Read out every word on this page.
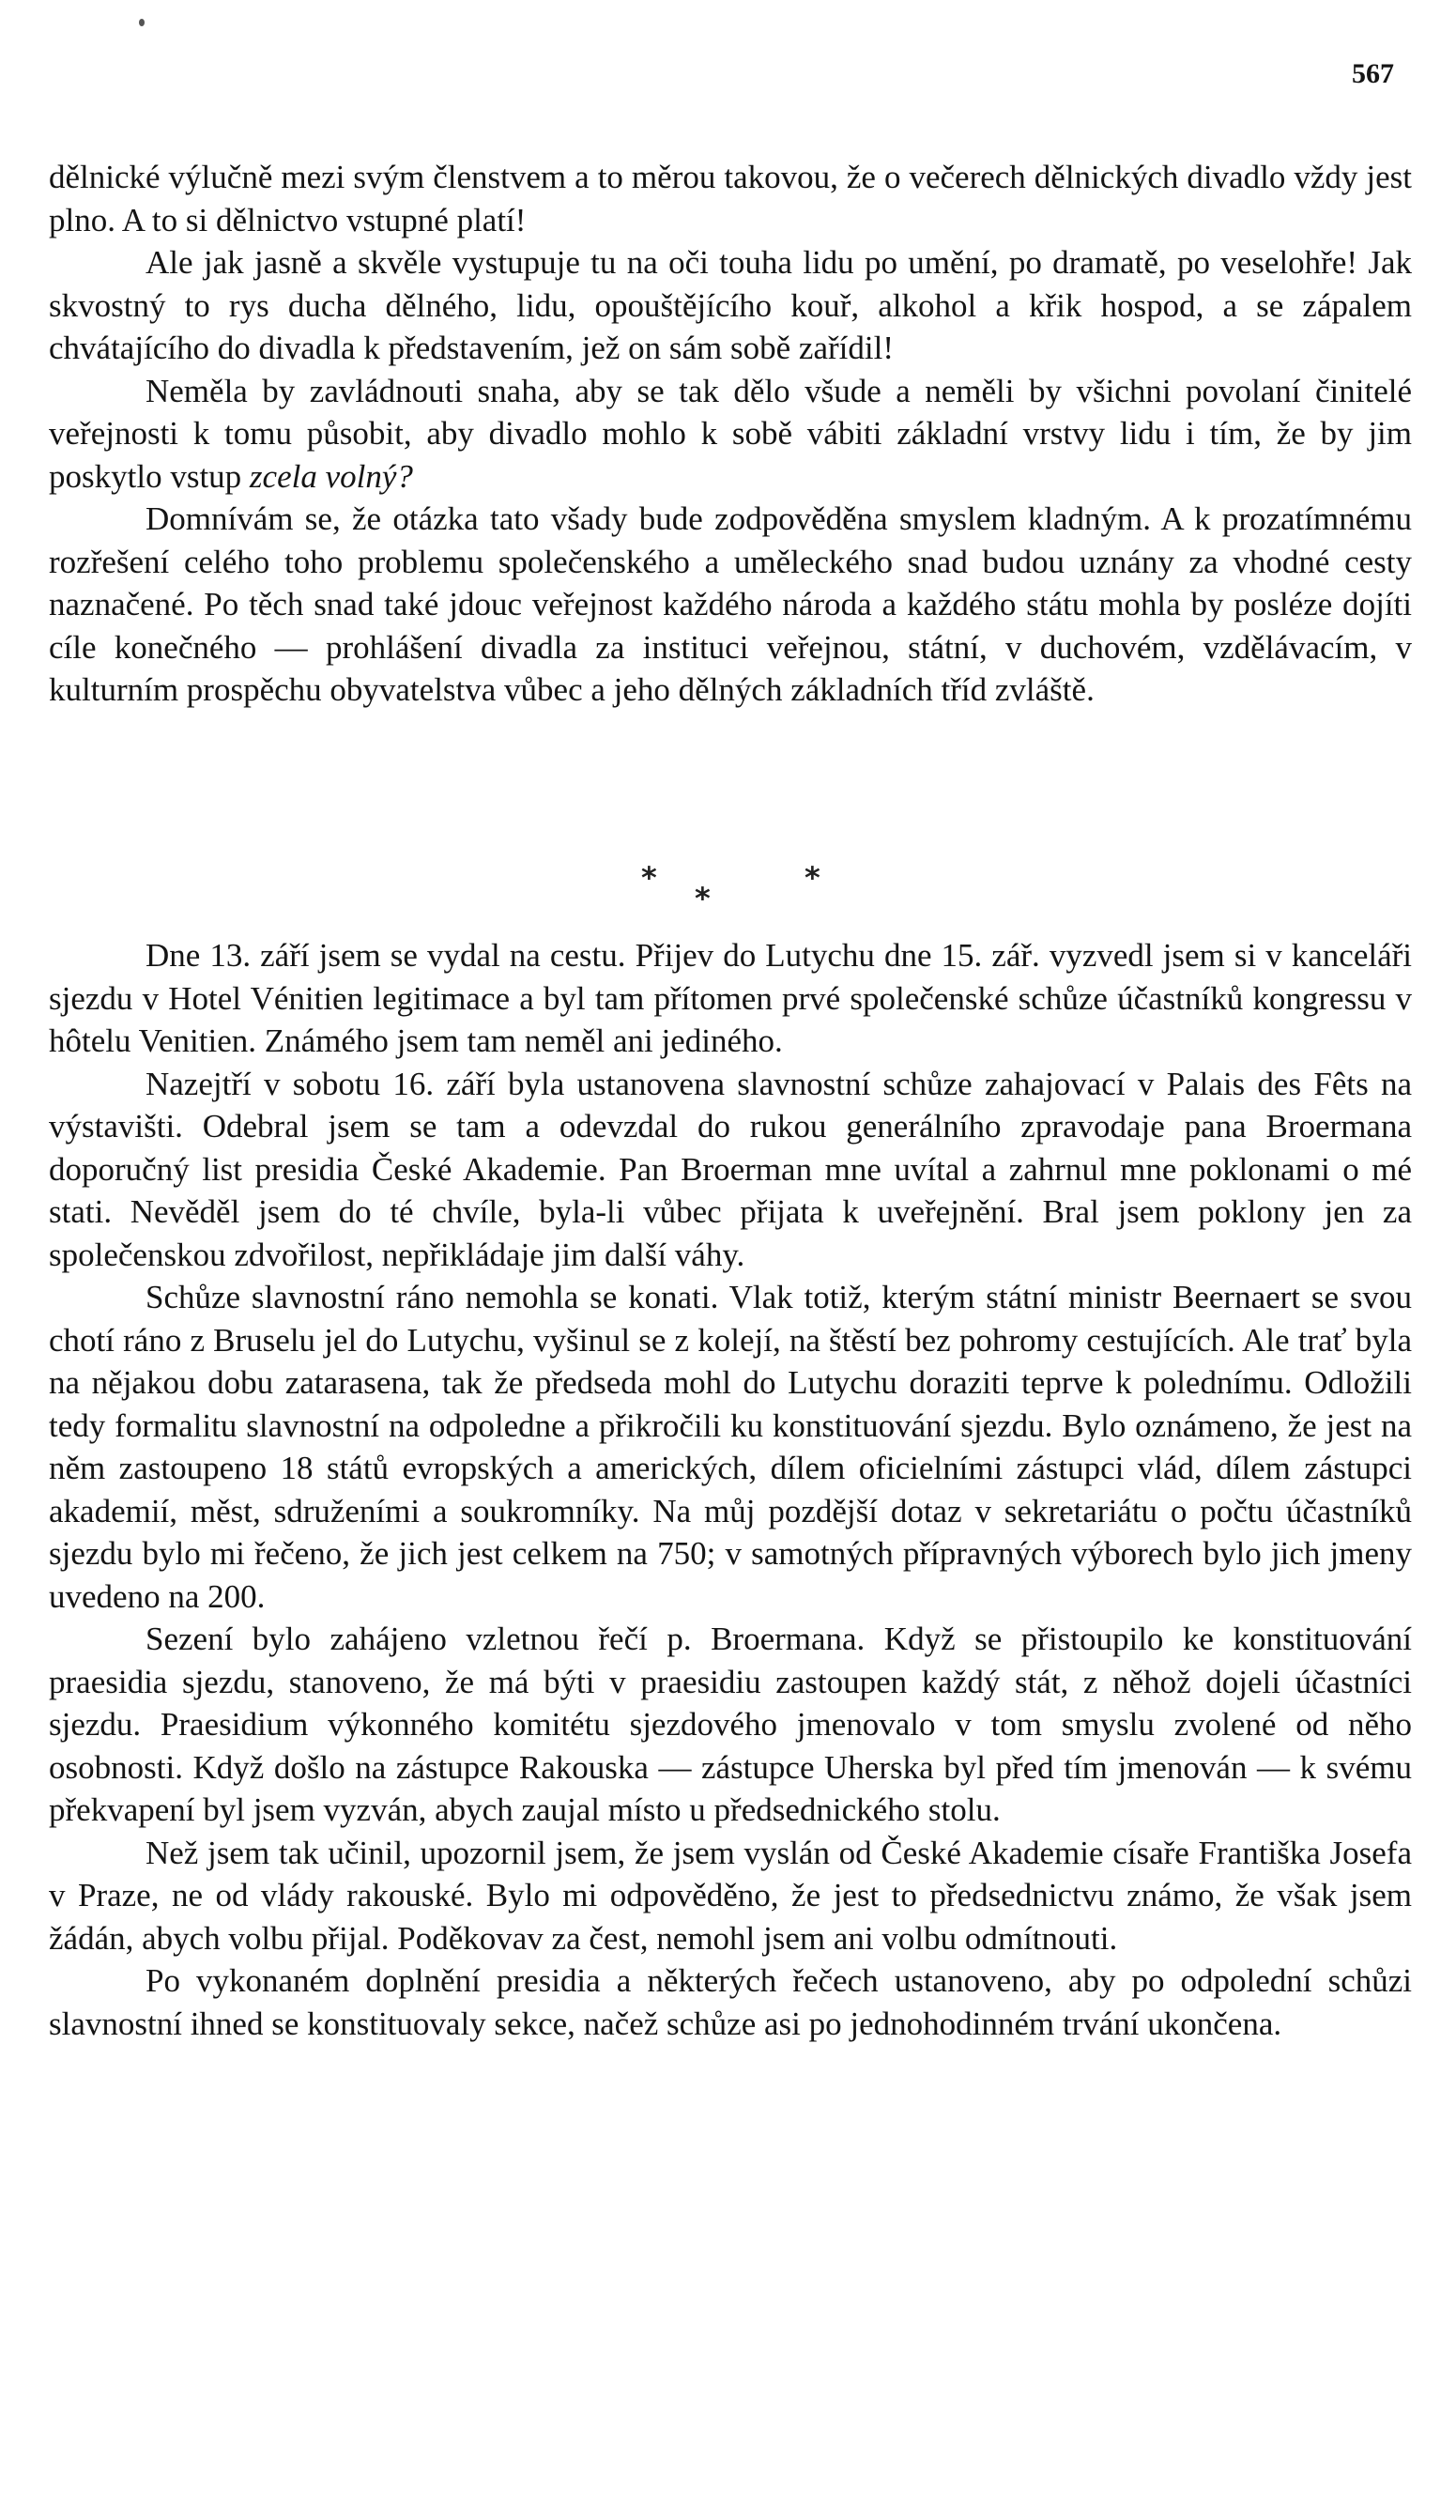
567

dělnické výlučně mezi svým členstvem a to měrou takovou, že o večerech dělnických divadlo vždy jest plno. A to si dělnictvo vstupné platí!

Ale jak jasně a skvěle vystupuje tu na oči touha lidu po umění, po dramatě, po veselohře! Jak skvostný to rys ducha dělného, lidu, opouštějícího kouř, alkohol a křik hospod, a se zápalem chvátajícího do divadla k představením, jež on sám sobě zařídil!

Neměla by zavládnouti snaha, aby se tak dělo všude a neměli by všichni povolaní činitelé veřejnosti k tomu působit, aby divadlo mohlo k sobě vábiti základní vrstvy lidu i tím, že by jim poskytlo vstup zcela volný?

Domnívám se, že otázka tato všady bude zodpověděna smyslem kladným. A k prozatímnému rozřešení celého toho problemu společenského a uměleckého snad budou uznány za vhodné cesty naznačené. Po těch snad také jdouc veřejnost každého národa a každého státu mohla by posléze dojíti cíle konečného — prohlášení divadla za instituci veřejnou, státní, v duchovém, vzdělávacím, v kulturním prospěchu obyvatelstva vůbec a jeho dělných základních tříd zvláště.

*
*
*

Dne 13. září jsem se vydal na cestu. Přijev do Lutychu dne 15. zář. vyzvedl jsem si v kanceláři sjezdu v Hotel Vénitien legitimace a byl tam přítomen prvé společenské schůze účastníků kongressu v hôtelu Venitien. Známého jsem tam neměl ani jediného.

Nazejtří v sobotu 16. září byla ustanovena slavnostní schůze zahajovací v Palais des Fêts na výstavišti. Odebral jsem se tam a odevzdal do rukou generálního zpravodaje pana Broermana doporučný list presidia České Akademie. Pan Broerman mne uvítal a zahrnul mne poklonami o mé stati. Nevěděl jsem do té chvíle, byla-li vůbec přijata k uveřejnění. Bral jsem poklony jen za společenskou zdvořilost, nepřikládaje jim další váhy.

Schůze slavnostní ráno nemohla se konati. Vlak totiž, kterým státní ministr Beernaert se svou chotí ráno z Bruselu jel do Lutychu, vyšinul se z kolejí, na štěstí bez pohromy cestujících. Ale trať byla na nějakou dobu zatarasena, tak že předseda mohl do Lutychu doraziti teprve k polednímu. Odložili tedy formalitu slavnostní na odpoledne a přikročili ku konstituování sjezdu. Bylo oznámeno, že jest na něm zastoupeno 18 států evropských a amerických, dílem oficielními zástupci vlád, dílem zástupci akademií, měst, sdruženími a soukromníky. Na můj pozdější dotaz v sekretariátu o počtu účastníků sjezdu bylo mi řečeno, že jich jest celkem na 750; v samotných přípravných výborech bylo jich jmeny uvedeno na 200.

Sezení bylo zahájeno vzletnou řečí p. Broermana. Když se přistoupilo ke konstituování praesidia sjezdu, stanoveno, že má býti v praesidiu zastoupen každý stát, z něhož dojeli účastníci sjezdu. Praesidium výkonného komitétu sjezdového jmenovalo v tom smyslu zvolené od něho osobnosti. Když došlo na zástupce Rakouska — zástupce Uherska byl před tím jmenován — k svému překvapení byl jsem vyzván, abych zaujal místo u předsednického stolu.

Než jsem tak učinil, upozornil jsem, že jsem vyslán od České Akademie císaře Františka Josefa v Praze, ne od vlády rakouské. Bylo mi odpověděno, že jest to předsednictvu známo, že však jsem žádán, abych volbu přijal. Poděkovav za čest, nemohl jsem ani volbu odmítnouti.

Po vykonaném doplnění presidia a některých řečech ustanoveno, aby po odpolední schůzi slavnostní ihned se konstituovaly sekce, načež schůze asi po jednohodinném trvání ukončena.
